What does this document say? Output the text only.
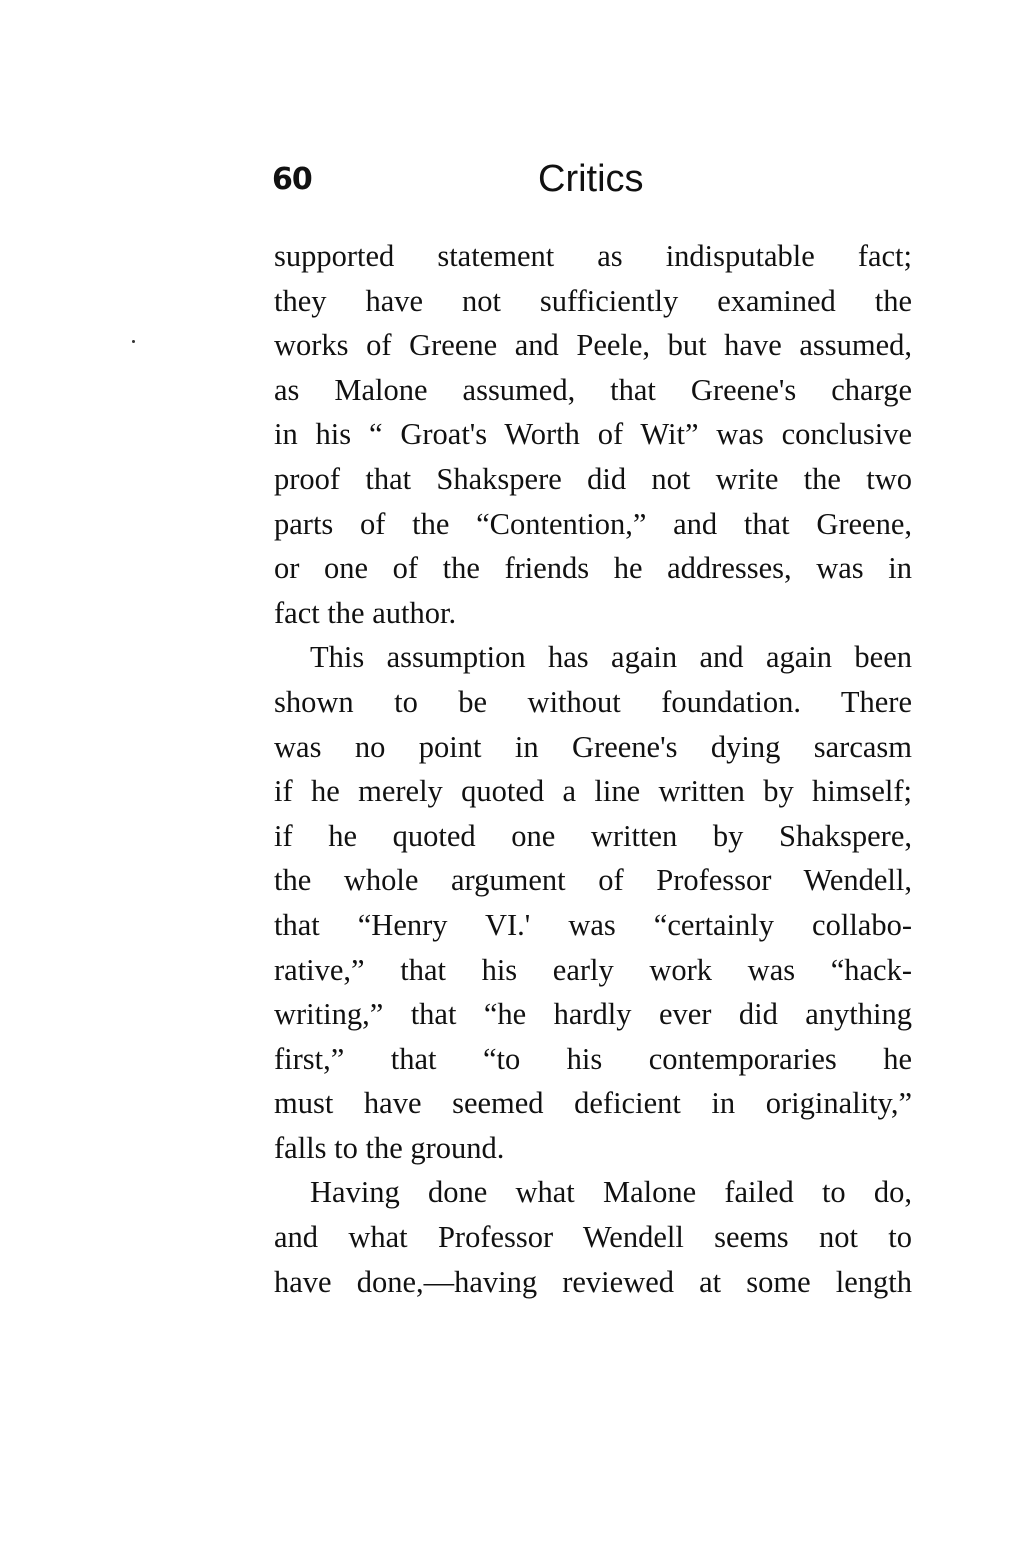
60	Critics
supported statement as indisputable fact;
they have not sufficiently examined the
works of Greene and Peele, but have assumed,
as Malone assumed, that Greene's charge
in his “ Groat's Worth of Wit” was conclusive
proof that Shakspere did not write the two
parts of the “Contention,” and that Greene,
or one of the friends he addresses, was in
fact the author.
This assumption has again and again been
shown to be without foundation. There
was no point in Greene's dying sarcasm
if he merely quoted a line written by himself;
if he quoted one written by Shakspere,
the whole argument of Professor Wendell,
that “Henry VI.' was “certainly collabo-
rative,” that his early work was “hack-
writing,” that “he hardly ever did anything
first,” that “to his contemporaries he
must have seemed deficient in originality,”
falls to the ground.
Having done what Malone failed to do,
and what Professor Wendell seems not to
have done,—having reviewed at some length
